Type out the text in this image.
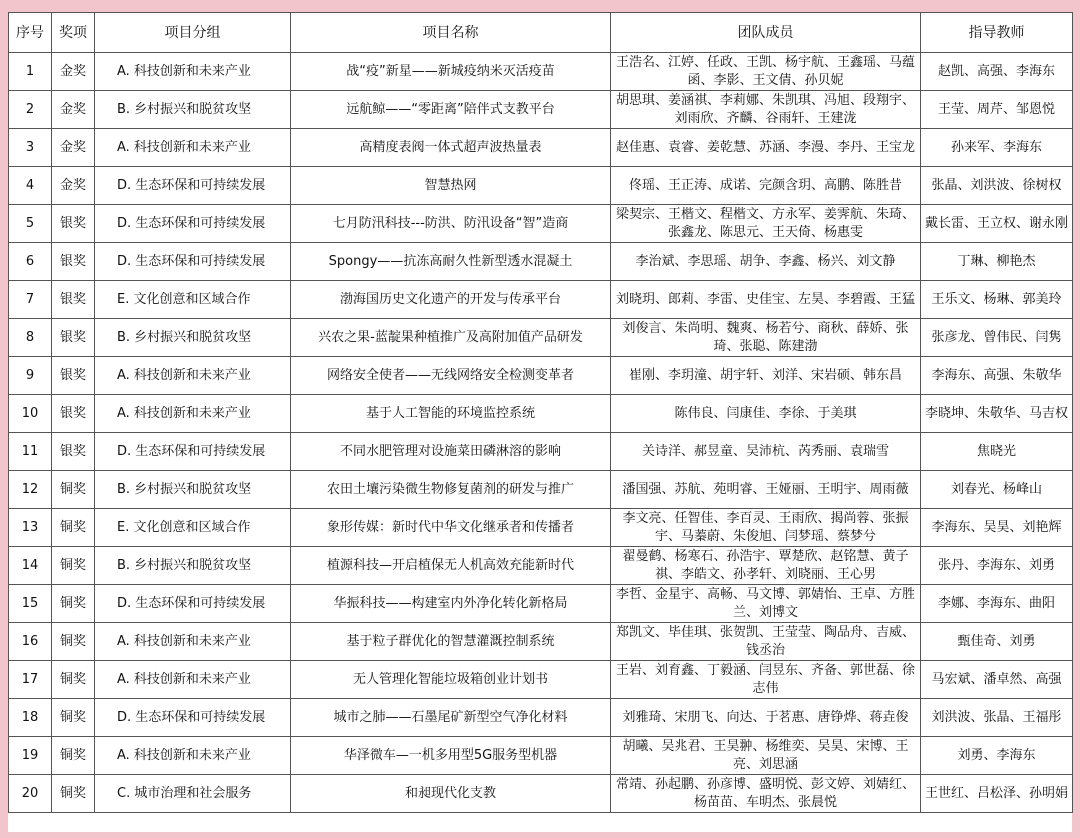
序号	奖项	项目分组	项目名称	团队成员	指导教师
1	金奖	A. 科技创新和未来产业	战“疫”新星——新城疫纳米灭活疫苗	王浩名、江婷、任政、王凯、杨宇航、王鑫瑶、马蕴函、李影、王文倩、孙贝妮	赵凯、高强、李海东
2	金奖	B. 乡村振兴和脱贫攻坚	远航鲸——“零距离”陪伴式支教平台	胡思琪、姜涵祺、李莉娜、朱凯琪、冯旭、段翔宇、刘雨欣、齐麟、谷雨轩、王建泷	王莹、周芹、邹恩悦
3	金奖	A. 科技创新和未来产业	高精度表阀一体式超声波热量表	赵佳惠、袁睿、姜乾慧、苏涵、李漫、李丹、王宝龙	孙来军、李海东
4	金奖	D. 生态环保和可持续发展	智慧热网	佟瑶、王正涛、成诺、完颜含玥、高鹏、陈胜昔	张晶、刘洪波、徐树权
5	银奖	D. 生态环保和可持续发展	七月防汛科技---防洪、防汛设备“智”造商	梁契宗、王楷文、程楷文、方永军、姜霁航、朱琦、张鑫龙、陈思元、王天倚、杨惠雯	戴长雷、王立权、谢永刚
6	银奖	D. 生态环保和可持续发展	Spongy——抗冻高耐久性新型透水混凝土	李治斌、李思瑶、胡争、李鑫、杨兴、刘文静	丁琳、柳艳杰
7	银奖	E. 文化创意和区域合作	渤海国历史文化遗产的开发与传承平台	刘晓玥、郎莉、李雷、史佳宝、左昊、李碧霞、王猛	王乐文、杨琳、郭美玲
8	银奖	B. 乡村振兴和脱贫攻坚	兴农之果-蓝靛果种植推广及高附加值产品研发	刘俊言、朱尚明、魏爽、杨若兮、商秋、薛娇、张琦、张聪、陈建渤	张彦龙、曾伟民、闫隽
9	银奖	A. 科技创新和未来产业	网络安全使者——无线网络安全检测变革者	崔刚、李玥潼、胡宇轩、刘洋、宋岩硕、韩东昌	李海东、高强、朱敬华
10	银奖	A. 科技创新和未来产业	基于人工智能的环境监控系统	陈伟良、闫康佳、李徐、于美琪	李晓坤、朱敬华、马吉权
11	银奖	D. 生态环保和可持续发展	不同水肥管理对设施菜田磷淋溶的影响	关诗洋、郝昱童、吴沛杭、芮秀丽、袁瑞雪	焦晓光
12	铜奖	B. 乡村振兴和脱贫攻坚	农田土壤污染微生物修复菌剂的研发与推广	潘国强、苏航、苑明睿、王娅丽、王明宇、周雨薇	刘春光、杨峰山
13	铜奖	E. 文化创意和区域合作	象形传媒：新时代中华文化继承者和传播者	李文亮、任智佳、李百灵、王雨欣、揭尚蓉、张振宇、马蓁蔚、朱俊旭、闫梦瑶、蔡梦兮	李海东、吴昊、刘艳辉
14	铜奖	B. 乡村振兴和脱贫攻坚	植源科技—开启植保无人机高效充能新时代	翟曼鹤、杨寒石、孙浩宇、覃楚欣、赵铭慧、黄子祺、李皓文、孙孝轩、刘晓丽、王心男	张丹、李海东、刘勇
15	铜奖	D. 生态环保和可持续发展	华振科技——构建室内外净化转化新格局	李哲、金星宇、高畅、马文博、郭婧怡、王卓、方胜兰、刘博文	李娜、李海东、曲阳
16	铜奖	A. 科技创新和未来产业	基于粒子群优化的智慧灌溉控制系统	郑凯文、毕佳琪、张贺凯、王莹莹、陶品舟、吉威、钱丞治	甄佳奇、刘勇
17	铜奖	A. 科技创新和未来产业	无人管理化智能垃圾箱创业计划书	王岩、刘育鑫、丁毅涵、闫昱东、齐备、郭世磊、徐志伟	马宏斌、潘卓然、高强
18	铜奖	D. 生态环保和可持续发展	城市之肺——石墨尾矿新型空气净化材料	刘雅琦、宋朋飞、向达、于茗惠、唐铮烨、蒋垚俊	刘洪波、张晶、王福彤
19	铜奖	A. 科技创新和未来产业	华泽微车—一机多用型5G服务型机器	胡曦、吴兆君、王昊翀、杨维奕、吴昊、宋博、王亮、刘思涵	刘勇、李海东
20	铜奖	C. 城市治理和社会服务	和昶现代化支教	常靖、孙起鹏、孙彦博、盛明悦、彭文婷、刘婧红、杨苗苗、车明杰、张晨悦	王世红、吕松泽、孙明娟
